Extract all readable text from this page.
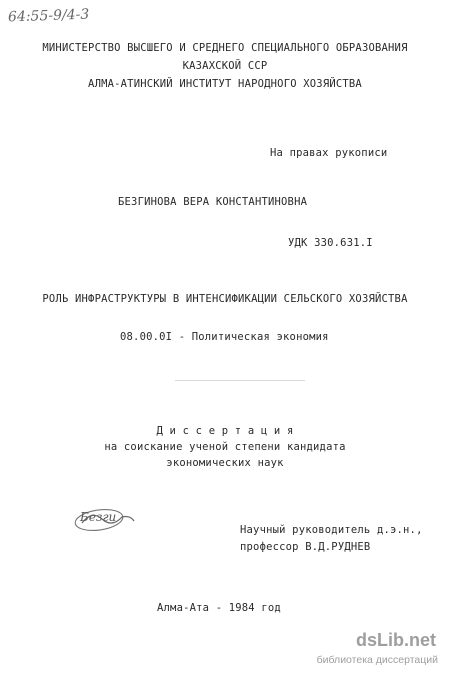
64:55-9/4-3
МИНИСТЕРСТВО ВЫСШЕГО И СРЕДНЕГО СПЕЦИАЛЬНОГО ОБРАЗОВАНИЯ
КАЗАХСКОЙ ССР
АЛМА-АТИНСКИЙ ИНСТИТУТ НАРОДНОГО ХОЗЯЙСТВА
На правах рукописи
БЕЗГИНОВА ВЕРА КОНСТАНТИНОВНА
УДК 330.631.I
РОЛЬ ИНФРАСТРУКТУРЫ В ИНТЕНСИФИКАЦИИ СЕЛЬСКОГО ХОЗЯЙСТВА
08.00.0I - Политическая экономия
Д и с с е р т а ц и я
на соискание ученой степени кандидата
экономических наук
Безги
Научный руководитель д.э.н.,
профессор В.Д.РУДНЕВ
Алма-Ата - 1984 год
dsLib.net
библиотека диссертаций
